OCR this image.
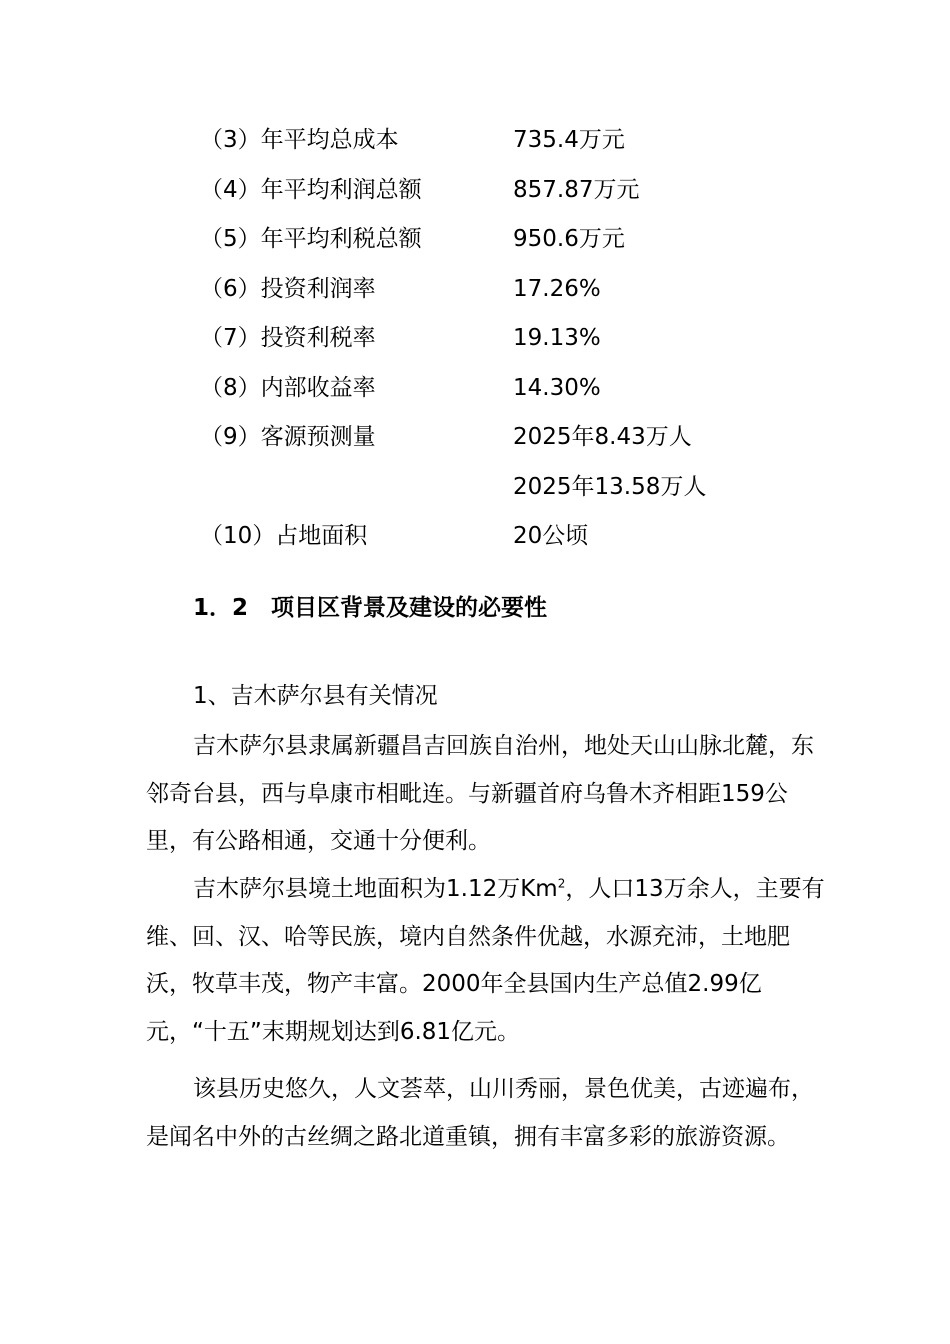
（3）年平均总成本	735.4万元
（4）年平均利润总额	857.87万元
（5）年平均利税总额	950.6万元
（6）投资利润率	17.26%
（7）投资利税率	19.13%
（8）内部收益率	14.30%
（9）客源预测量	2025年8.43万人
2025年13.58万人
（10）占地面积	20公顷
1．2 项目区背景及建设的必要性
1、吉木萨尔县有关情况

吉木萨尔县隶属新疆昌吉回族自治州，地处天山山脉北麓，东邻奇台县，西与阜康市相毗连。与新疆首府乌鲁木齐相距159公里，有公路相通，交通十分便利。

吉木萨尔县境土地面积为1.12万Km$^2$，人口13万余人，主要有维、回、汉、哈等民族，境内自然条件优越，水源充沛，土地肥沃，牧草丰茂，物产丰富。2000年全县国内生产总值2.99亿元，“十五”末期规划达到6.81亿元。

该县历史悠久，人文荟萃，山川秀丽，景色优美，古迹遍布，是闻名中外的古丝绸之路北道重镇，拥有丰富多彩的旅游资源。
